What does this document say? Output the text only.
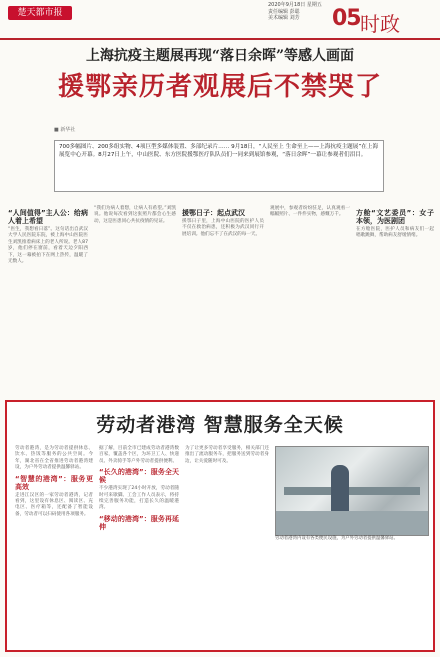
楚天都市报
2020年9月18日 星期五
责任编辑 彭聪
美术编辑 刘芳	05 时政
上海抗疫主题展再现“落日余晖”等感人画面
援鄂亲历者观展后不禁哭了
■ 新华社
700多幅图片、200多组实物、4项巨型多媒体装置、多部纪录片…… 9月18日，“人民至上 生命至上——上海抗疫主题展”在上海展览中心开幕。8月27日上午，中山医院、东方医院援鄂医疗队队员们一同来到展馆参观，“落日余晖”一幕让参观者们泪目。
“人间值得”主人公：给病人着上希望
“医生，我想看日落”。这句话出自武汉大学人民医院东院，被上海中山医院医生刘凯推着病床上的老人所说。老人87岁，他们停在窗前，看着天边夕阳西下，这一幕被拍下在网上热传，温暖了无数人。
“我们为病人着想，让病人有希望。”刘凯说。他说每次看到这张照片都会心生感动，这是医患同心共抗疫情的见证。
援鄂日子：起点武汉
援鄂日子里，上海中山医院的医护人员不仅在救治病患，还积极为武汉同行开展培训。他们忘不了在武汉的每一天。
观展中，参观者纷纷驻足，认真观看一幅幅照片、一件件实物，感慨万千。	方舱“文艺委员”：女子本领，为医剧团
在方舱医院，医护人员和病友们一起唱歌跳舞，帮助病友舒缓情绪。
劳动者港湾 智慧服务全天候
劳动者港湾，是为劳动者提供休息、饮水、热饭等服务的公共空间。今年，湖北省在全省推进劳动者港湾建设，为户外劳动者提供温馨驿站。
“智慧的港湾”：服务更高效
走进江汉区的一家劳动者港湾，记者看到，这里设有休息区、阅读区、充电区、医疗箱等，还配备了智能设备，劳动者可以扫码使用各项服务。
据了解，目前全市已建成劳动者港湾数百家，覆盖各个区，为环卫工人、快递员、外卖骑手等户外劳动者提供便利。
“长久的港湾”：服务全天候
不少港湾实现了24小时开放，劳动者随时可来歇脚。工会工作人员表示，将持续完善服务功能，打造长久的温暖港湾。
“移动的港湾”：服务再延伸
为了让更多劳动者享受服务，相关部门还推出了流动服务车，把服务送到劳动者身边，让关爱随时可及。
劳动者港湾内设有各类便民设施，为户外劳动者提供温馨驿站。
